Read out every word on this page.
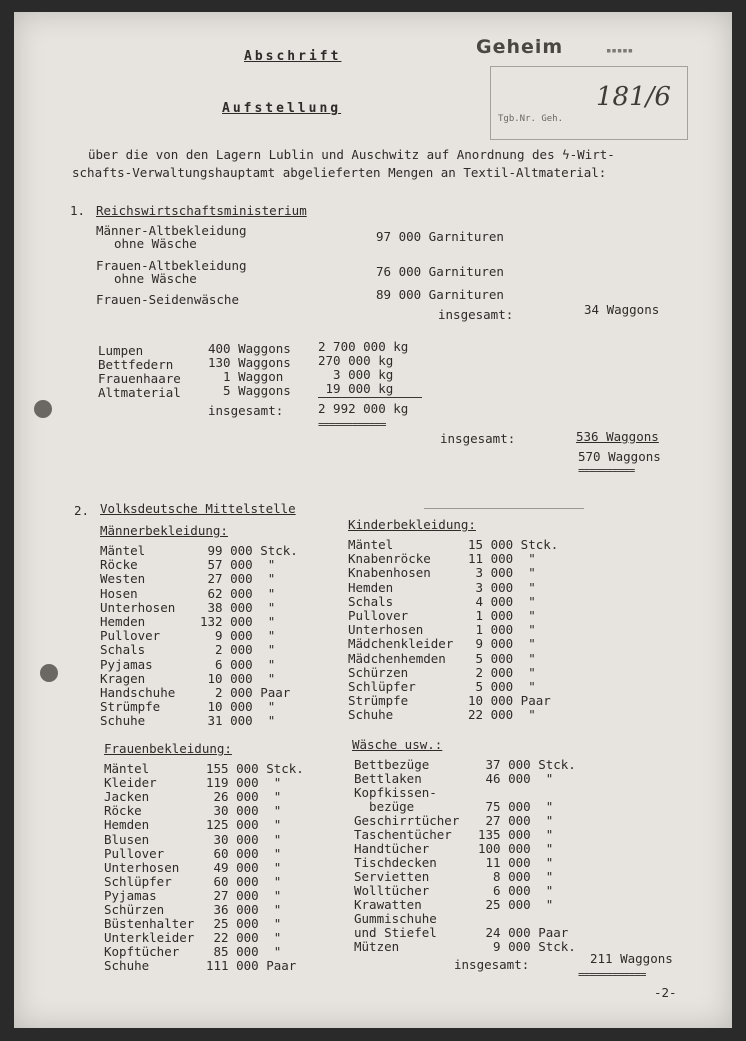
Abschrift	Geheim	▪▪▪▪▪
Tgb.Nr. Geh.
181/6
Aufstellung
über die von den Lagern Lublin und Auschwitz auf Anordnung des ϟ-Wirt-
schafts-Verwaltungshauptamt abgelieferten Mengen an Textil-Altmaterial:
1. Reichswirtschaftsministerium
Männer-Altbekleidung
ohne Wäsche	97 000 Garnituren
Frauen-Altbekleidung
ohne Wäsche	76 000 Garnituren
Frauen-Seidenwäsche	89 000 Garnituren
insgesamt:	34 Waggons
Lumpen	400 Waggons 2 700 000 kg
Bettfedern	130 Waggons 270 000 kg
Frauenhaare 1 Waggon	3 000 kg
Altmaterial 5 Waggons 19 000 kg
insgesamt:	2 992 000 kg
============
insgesamt:	536 Waggons
570 Waggons
==========
2. Volksdeutsche Mittelstelle
Männerbekleidung:
Mäntel	99 000 Stck.
Röcke	57 000  "
Westen	27 000  "
Hosen	62 000  "
Unterhosen 38 000  "
Hemden	132 000  "
Pullover	9 000  "
Schals	2 000  "
Pyjamas	6 000  "
Kragen	10 000  "
Handschuhe 2 000 Paar
Strümpfe	10 000  "
Schuhe	31 000  "
Kinderbekleidung:
Mäntel	15 000 Stck.
Knabenröcke	11 000  "
Knabenhosen	3 000  "
Hemden	3 000  "
Schals	4 000  "
Pullover	1 000  "
Unterhosen	1 000  "
Mädchenkleider 9 000  "
Mädchenhemden 5 000  "
Schürzen	2 000  "
Schlüpfer	5 000  "
Strümpfe	10 000 Paar
Schuhe	22 000  "
Frauenbekleidung:
Mäntel	155 000 Stck.
Kleider	119 000  "
Jacken	26 000  "
Röcke	30 000  "
Hemden	125 000  "
Blusen	30 000  "
Pullover	60 000  "
Unterhosen 49 000  "
Schlüpfer	60 000  "
Pyjamas	27 000  "
Schürzen	36 000  "
Büstenhalter 25 000  "
Unterkleider 22 000  "
Kopftücher 85 000  "
Schuhe	111 000 Paar
Wäsche usw.:
Bettbezüge	37 000 Stck.
Bettlaken	46 000  "
Kopfkissen-
bezüge	75 000  "
Geschirrtücher 27 000  "
Taschentücher 135 000  "
Handtücher	100 000  "
Tischdecken	11 000  "
Servietten	8 000  "
Wolltücher	6 000  "
Krawatten	25 000  "
Gummischuhe
und Stiefel	24 000 Paar
Mützen	9 000 Stck.
insgesamt:	211 Waggons
============
-2-
